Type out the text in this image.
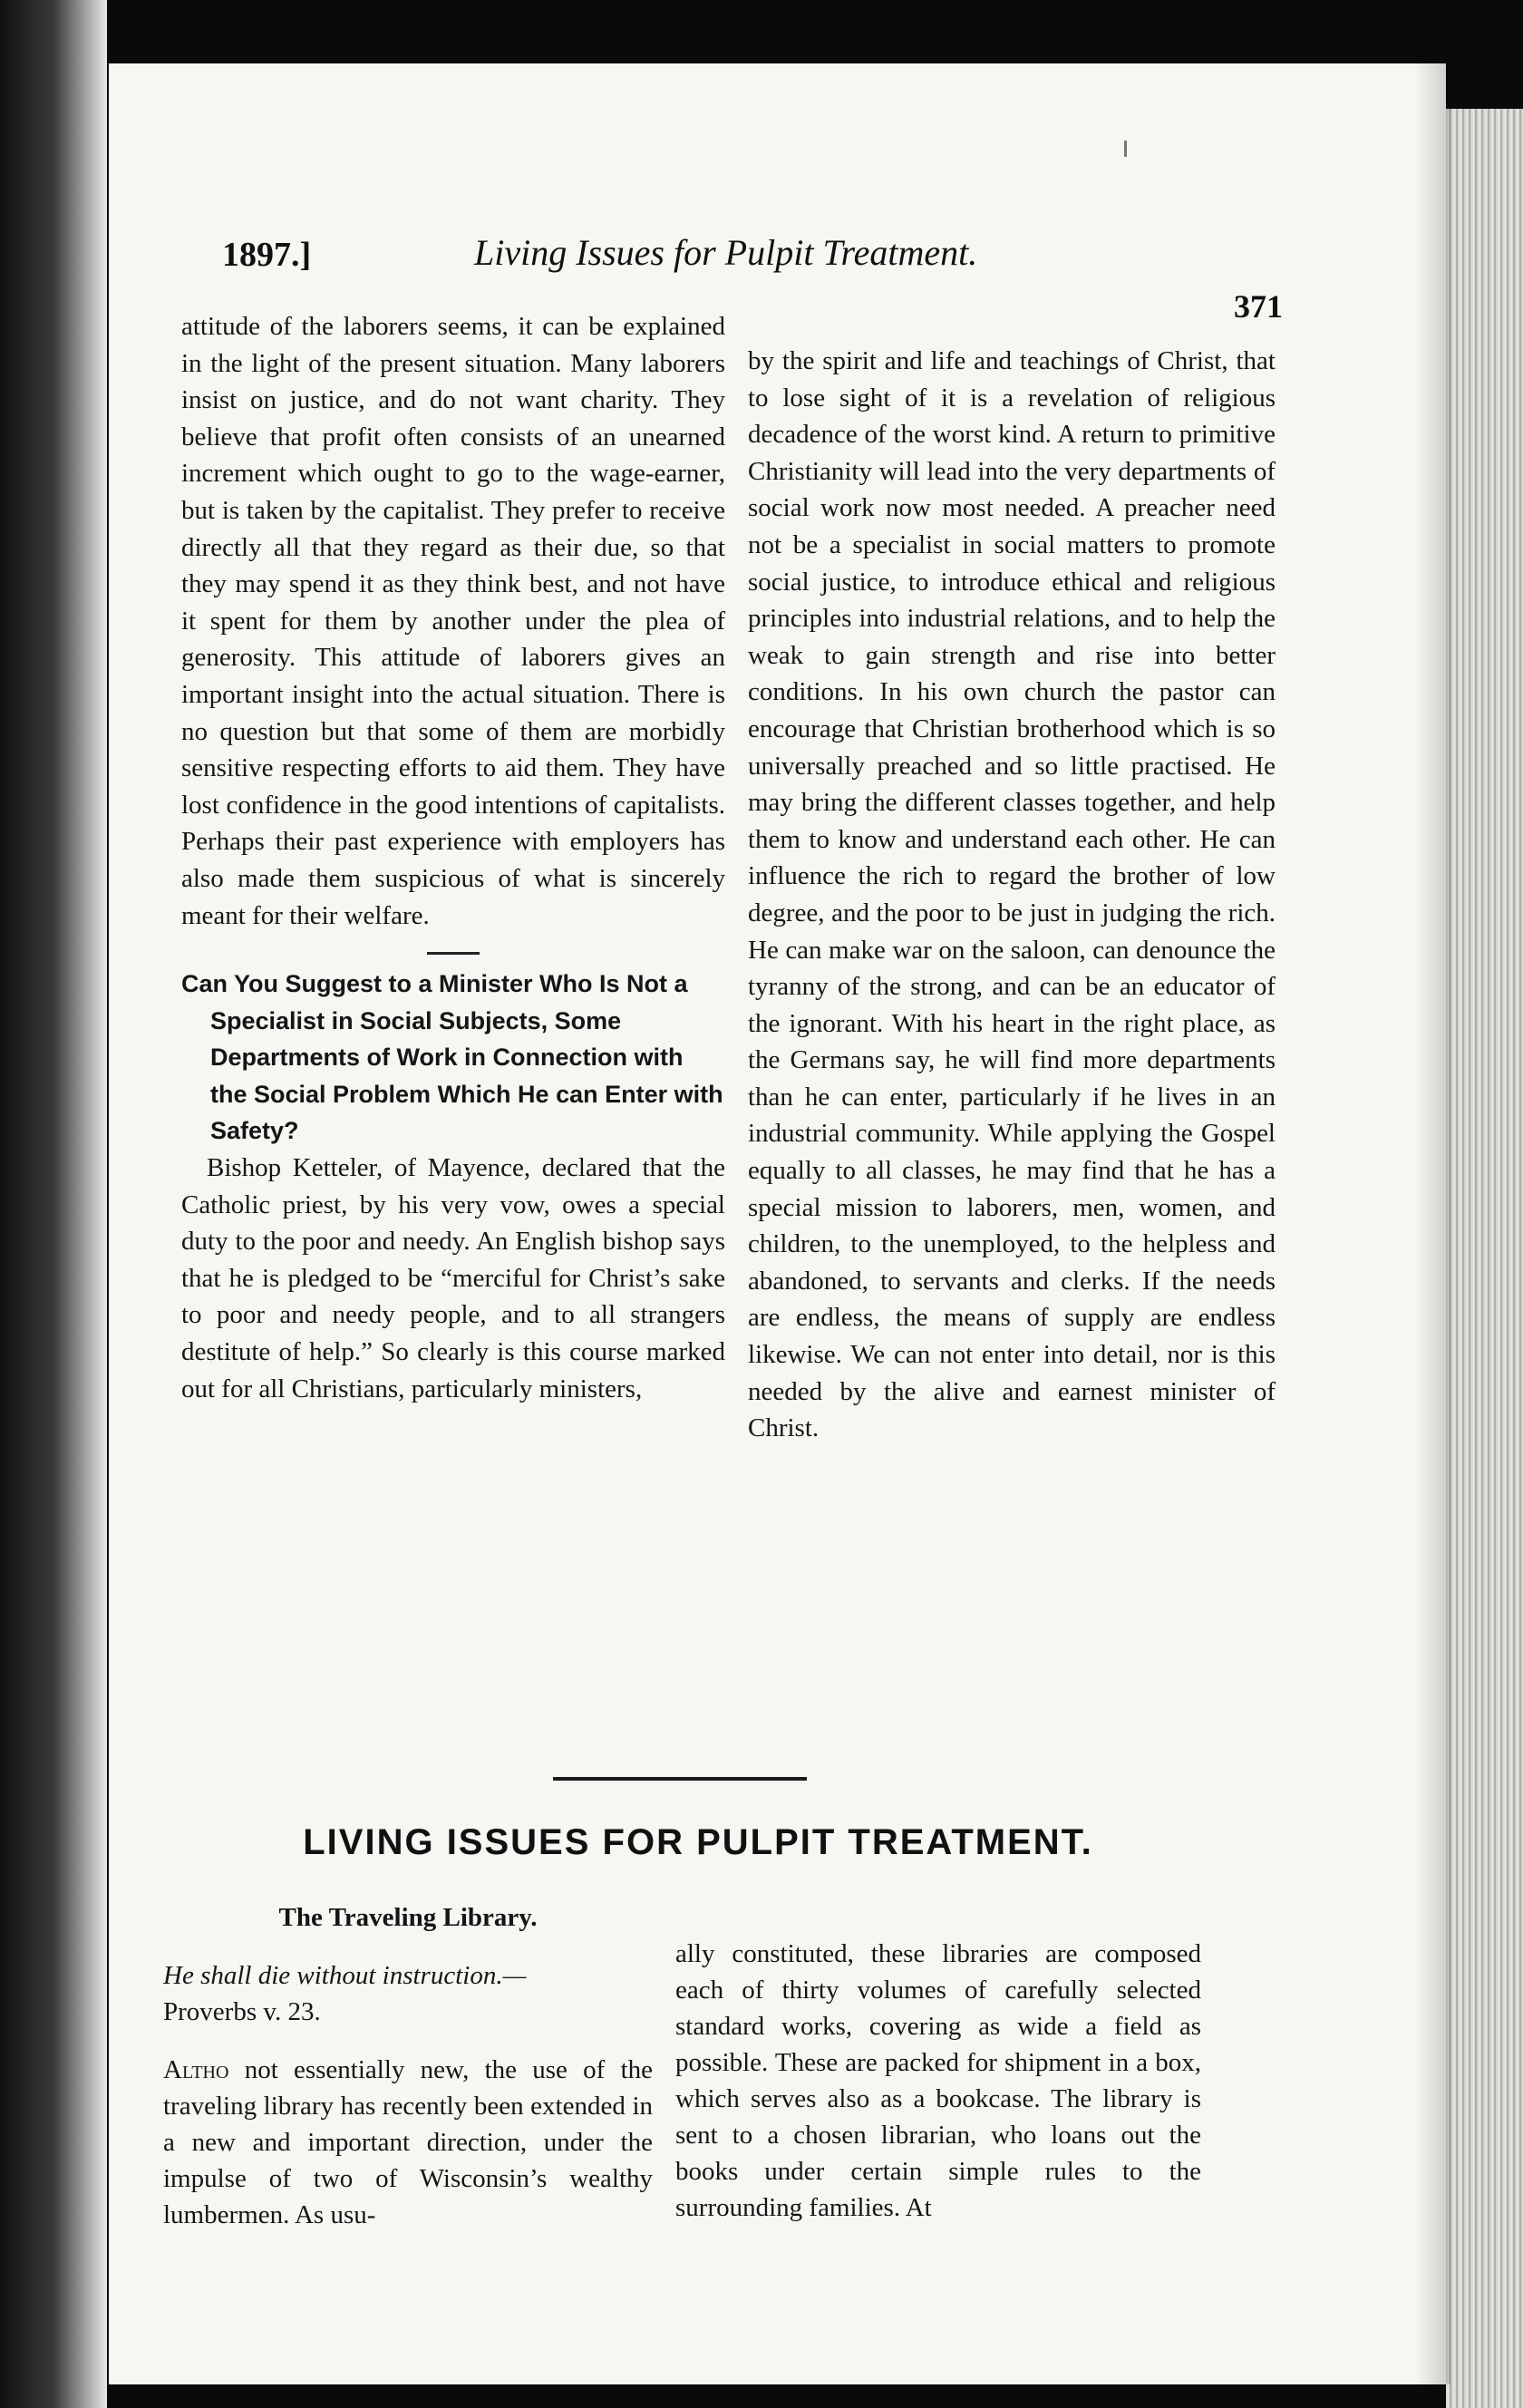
1897.]	Living Issues for Pulpit Treatment.
371

attitude of the laborers seems, it can be explained in the light of the present situation. Many laborers insist on justice, and do not want charity. They believe that profit often consists of an unearned increment which ought to go to the wage-earner, but is taken by the capitalist. They prefer to receive directly all that they regard as their due, so that they may spend it as they think best, and not have it spent for them by another under the plea of generosity. This attitude of laborers gives an important insight into the actual situation. There is no question but that some of them are morbidly sensitive respecting efforts to aid them. They have lost confidence in the good intentions of capitalists. Perhaps their past experience with employers has also made them suspicious of what is sincerely meant for their welfare.

Can You Suggest to a Minister Who Is Not a Specialist in Social Subjects, Some Departments of Work in Connection with the Social Problem Which He can Enter with Safety?

Bishop Ketteler, of Mayence, declared that the Catholic priest, by his very vow, owes a special duty to the poor and needy. An English bishop says that he is pledged to be “merciful for Christ’s sake to poor and needy people, and to all strangers destitute of help.” So clearly is this course marked out for all Christians, particularly ministers,

by the spirit and life and teachings of Christ, that to lose sight of it is a revelation of religious decadence of the worst kind. A return to primitive Christianity will lead into the very departments of social work now most needed. A preacher need not be a specialist in social matters to promote social justice, to introduce ethical and religious principles into industrial relations, and to help the weak to gain strength and rise into better conditions. In his own church the pastor can encourage that Christian brotherhood which is so universally preached and so little practised. He may bring the different classes together, and help them to know and understand each other. He can influence the rich to regard the brother of low degree, and the poor to be just in judging the rich. He can make war on the saloon, can denounce the tyranny of the strong, and can be an educator of the ignorant. With his heart in the right place, as the Germans say, he will find more departments than he can enter, particularly if he lives in an industrial community. While applying the Gospel equally to all classes, he may find that he has a special mission to laborers, men, women, and children, to the unemployed, to the helpless and abandoned, to servants and clerks. If the needs are endless, the means of supply are endless likewise. We can not enter into detail, nor is this needed by the alive and earnest minister of Christ.

LIVING ISSUES FOR PULPIT TREATMENT.

The Traveling Library.

He shall die without instruction.—
Proverbs v. 23.

Altho not essentially new, the use of the traveling library has recently been extended in a new and important direction, under the impulse of two of Wisconsin’s wealthy lumbermen. As usu-

ally constituted, these libraries are composed each of thirty volumes of carefully selected standard works, covering as wide a field as possible. These are packed for shipment in a box, which serves also as a bookcase. The library is sent to a chosen librarian, who loans out the books under certain simple rules to the surrounding families. At
